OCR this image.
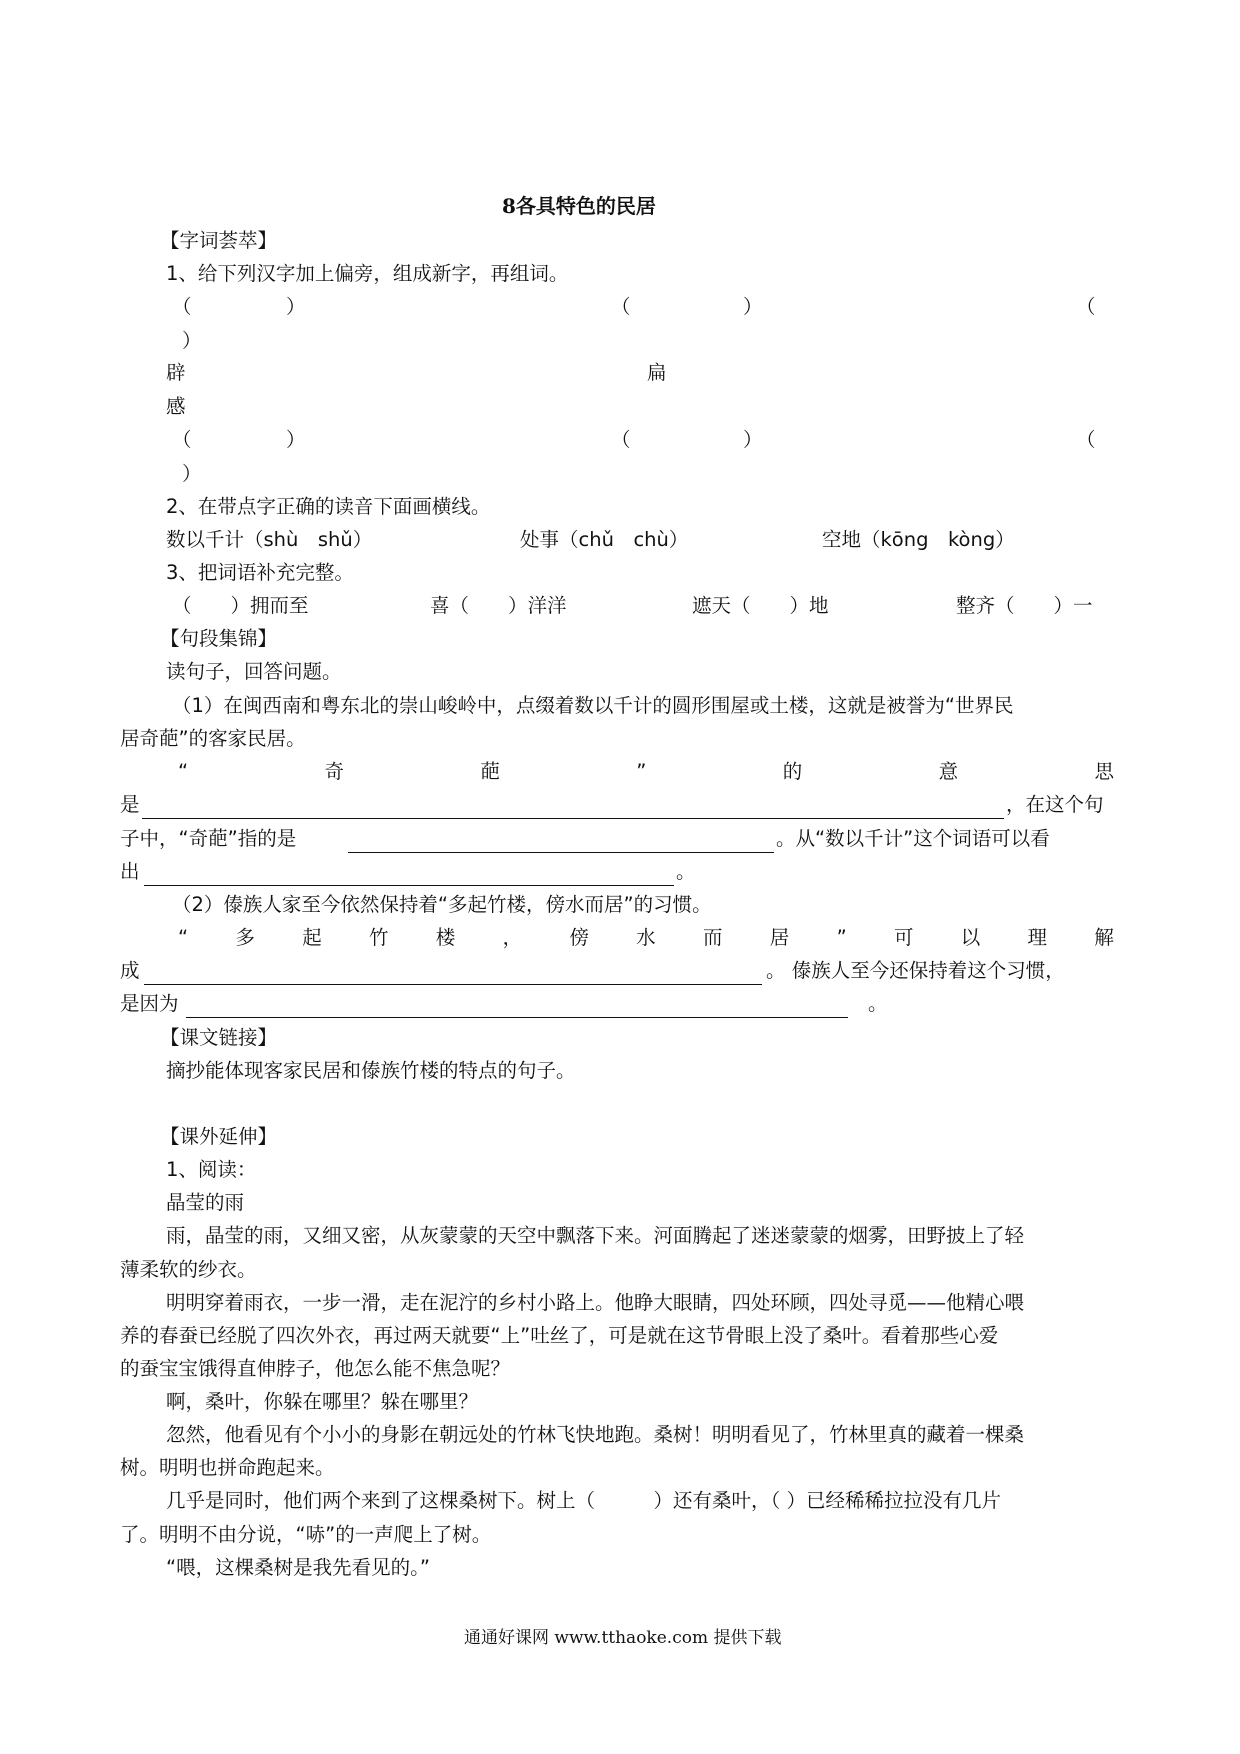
8各具特色的民居
【字词荟萃】
1、给下列汉字加上偏旁，组成新字，再组词。
（	）	（	）	（
）
辟	扁
感
（	）	（	）	（
）
2、在带点字正确的读音下面画横线。
数以千计（shù　shǔ）	处事（chǔ　chù）	空地（kōng　kòng）
3、把词语补充完整。
（　　）拥而至	喜（　　）洋洋	遮天（　　）地	整齐（　　）一
【句段集锦】
读句子，回答问题。
（1）在闽西南和粤东北的崇山峻岭中，点缀着数以千计的圆形围屋或土楼，这就是被誉为“世界民
居奇葩”的客家民居。
“	奇	葩	”	的	意	思
是	，在这个句
子中，“奇葩”指的是	。从“数以千计”这个词语可以看
出	。
（2）傣族人家至今依然保持着“多起竹楼，傍水而居”的习惯。
“ 多 起 竹 楼 ， 傍 水 而 居 ” 可 以 理 解
成	。 傣族人至今还保持着这个习惯，
是因为	。
【课文链接】
摘抄能体现客家民居和傣族竹楼的特点的句子。
【课外延伸】
1、阅读：
晶莹的雨
雨，晶莹的雨，又细又密，从灰蒙蒙的天空中飘落下来。河面腾起了迷迷蒙蒙的烟雾，田野披上了轻
薄柔软的纱衣。
明明穿着雨衣，一步一滑，走在泥泞的乡村小路上。他睁大眼睛，四处环顾，四处寻觅——他精心喂
养的春蚕已经脱了四次外衣，再过两天就要“上”吐丝了，可是就在这节骨眼上没了桑叶。看着那些心爱
的蚕宝宝饿得直伸脖子，他怎么能不焦急呢？
啊，桑叶，你躲在哪里？躲在哪里？
忽然，他看见有个小小的身影在朝远处的竹林飞快地跑。桑树！明明看见了，竹林里真的藏着一棵桑
树。明明也拼命跑起来。
几乎是同时，他们两个来到了这棵桑树下。树上（　　　）还有桑叶，（ ）已经稀稀拉拉没有几片
了。明明不由分说，“哧”的一声爬上了树。
“喂，这棵桑树是我先看见的。”
通通好课网 www.tthaoke.com 提供下载
